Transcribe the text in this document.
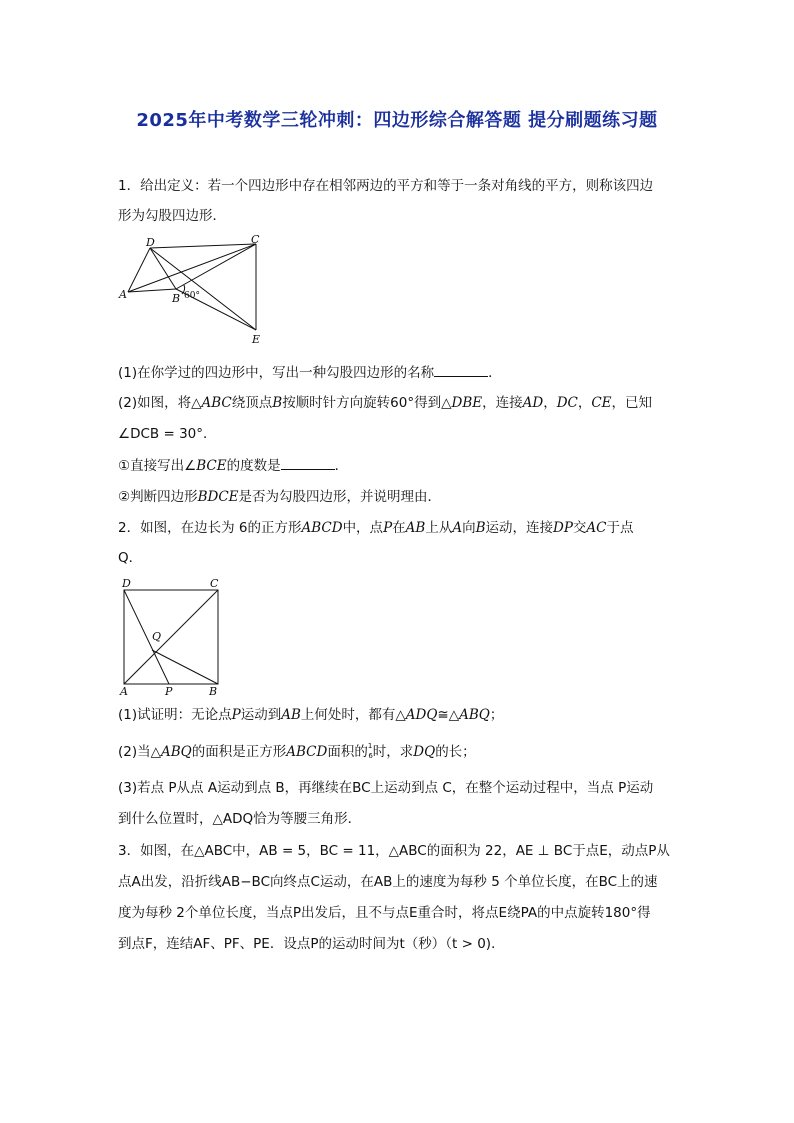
2025年中考数学三轮冲刺：四边形综合解答题 提分刷题练习题
1．给出定义：若一个四边形中存在相邻两边的平方和等于一条对角线的平方，则称该四边
形为勾股四边形．
D	C
A	B 60°
E
(1)在你学过的四边形中，写出一种勾股四边形的名称	．
(2)如图，将△ABC绕顶点B按顺时针方向旋转60°得到△DBE，连接AD，DC，CE，已知
∠DCB = 30°．
①直接写出∠BCE的度数是	．
②判断四边形BDCE是否为勾股四边形，并说明理由．
2．如图，在边长为 6的正方形ABCD中，点P在AB上从A向B运动，连接DP交AC于点
Q．
D	C
Q
A	P	B
(1)试证明：无论点P运动到AB上何处时，都有△ADQ≅△ABQ；
(2)当△ABQ的面积是正方形ABCD面积的$^1$6时，求DQ的长；
(3)若点 P从点 A运动到点 B，再继续在BC上运动到点 C，在整个运动过程中，当点 P运动
到什么位置时，△ADQ恰为等腰三角形．
3．如图，在△ABC中，AB = 5，BC = 11，△ABC的面积为 22，AE ⊥ BC于点E，动点P从
点A出发，沿折线AB−BC向终点C运动，在AB上的速度为每秒 5 个单位长度，在BC上的速
度为每秒 2个单位长度，当点P出发后，且不与点E重合时，将点E绕PA的中点旋转180°得
到点F，连结AF、PF、PE．设点P的运动时间为t（秒）（t > 0)．
